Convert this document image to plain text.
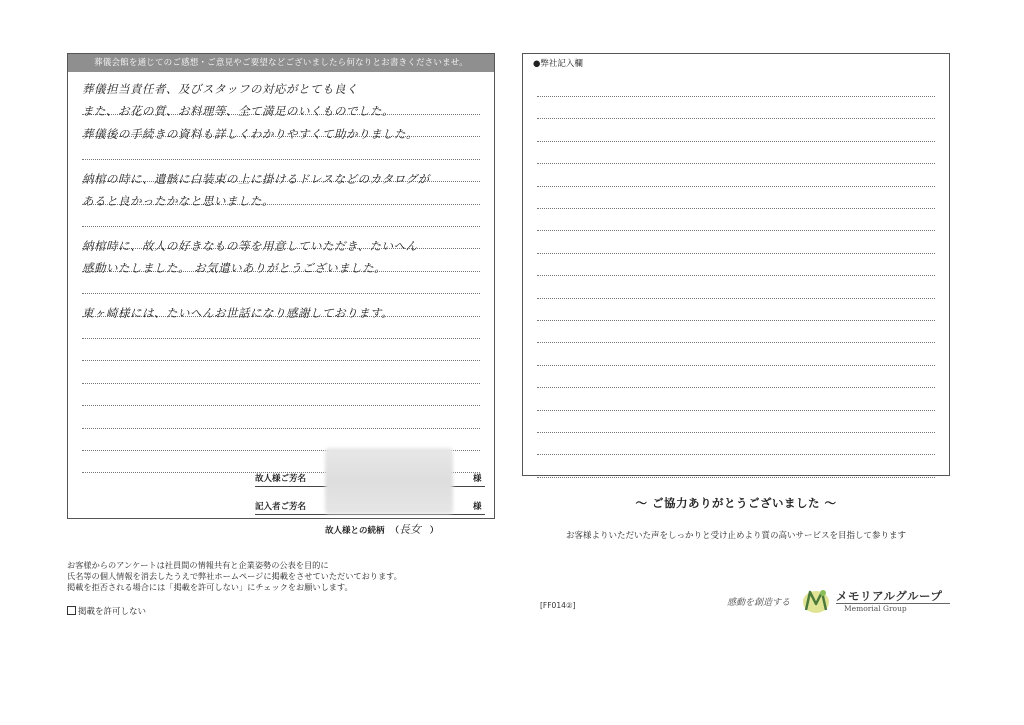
葬儀会館を通じてのご感想・ご意見やご要望などございましたら何なりとお書きくださいませ。
葬儀担当責任者、及びスタッフの対応がとても良く
また、お花の質、お料理等、全て満足のいくものでした。
葬儀後の手続きの資料も詳しくわかりやすくて助かりました。
納棺の時に、遺骸に白装束の上に掛けるドレスなどのカタログが
あると良かったかなと思いました。
納棺時に、故人の好きなもの等を用意していただき、たいへん
感動いたしました。 お気遣いありがとうございました。
東ヶ崎様には、たいへんお世話になり感謝しております。
故人様ご芳名	様
記入者ご芳名	様
故人様との続柄 （長女 ）
●弊社記入欄
お客様からのアンケートは社員間の情報共有と企業姿勢の公表を目的に
氏名等の個人情報を消去したうえで弊社ホームページに掲載をさせていただいております。
掲載を拒否される場合には「掲載を許可しない」にチェックをお願いします。
掲載を許可しない
～ ご協力ありがとうございました ～
お客様よりいただいた声をしっかりと受け止めより質の高いサービスを目指して参ります
[FF014②]	感動を創造する	メモリアルグループ
Memorial Group
